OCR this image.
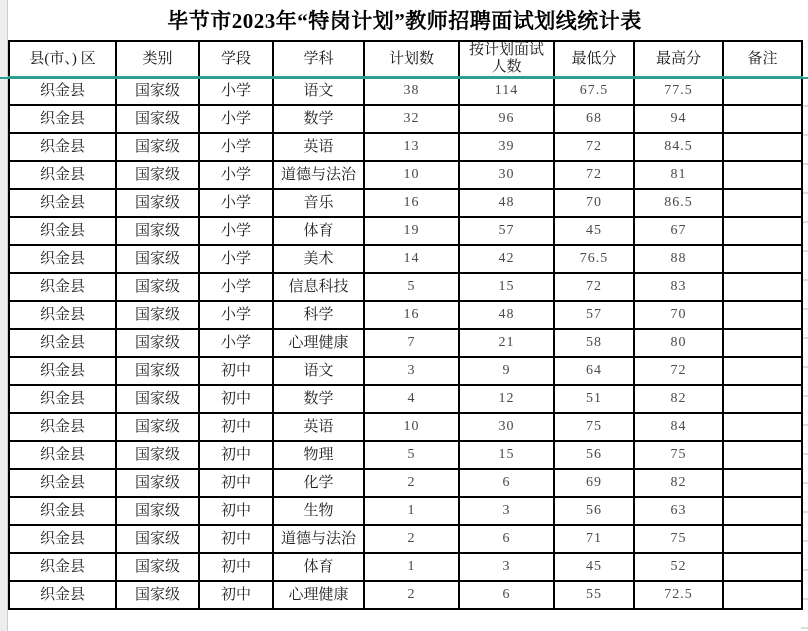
毕节市2023年“特岗计划”教师招聘面试划线统计表
县(市、) 区	类别	学段	学科	计划数	按计划面试人数	最低分	最高分	备注
织金县	国家级	小学	语文	38	114	67.5	77.5	
织金县	国家级	小学	数学	32	96	68	94	
织金县	国家级	小学	英语	13	39	72	84.5	
织金县	国家级	小学	道德与法治	10	30	72	81	
织金县	国家级	小学	音乐	16	48	70	86.5	
织金县	国家级	小学	体育	19	57	45	67	
织金县	国家级	小学	美术	14	42	76.5	88	
织金县	国家级	小学	信息科技	5	15	72	83	
织金县	国家级	小学	科学	16	48	57	70	
织金县	国家级	小学	心理健康	7	21	58	80	
织金县	国家级	初中	语文	3	9	64	72	
织金县	国家级	初中	数学	4	12	51	82	
织金县	国家级	初中	英语	10	30	75	84	
织金县	国家级	初中	物理	5	15	56	75	
织金县	国家级	初中	化学	2	6	69	82	
织金县	国家级	初中	生物	1	3	56	63	
织金县	国家级	初中	道德与法治	2	6	71	75	
织金县	国家级	初中	体育	1	3	45	52	
织金县	国家级	初中	心理健康	2	6	55	72.5	
